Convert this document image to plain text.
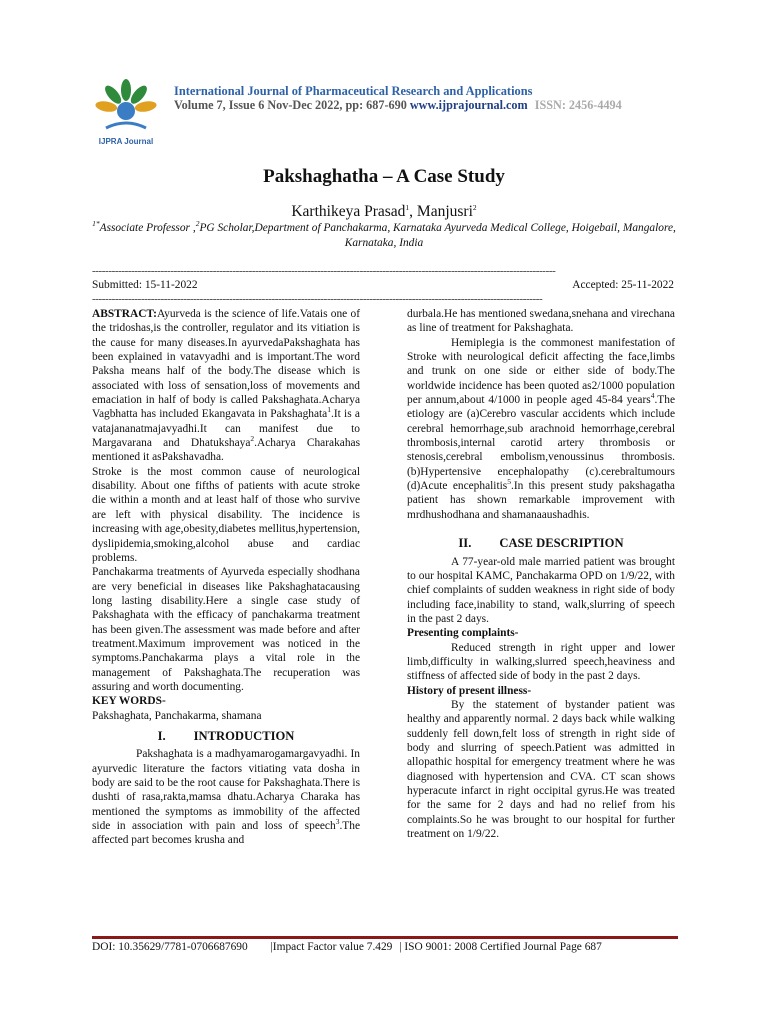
IJPRA Journal
International Journal of Pharmaceutical Research and Applications
Volume 7, Issue 6 Nov-Dec 2022, pp: 687-690 www.ijprajournal.com ISSN: 2456-4494
Pakshaghatha – A Case Study
Karthikeya Prasad$^1$, Manjusri$^2$
$^{1*}$Associate Professor ,$^2$PG Scholar,Department of Panchakarma, Karnataka Ayurveda Medical College, Hoigebail, Mangalore, Karnataka, India
----------------------------------------------------------------------------------------------------------------------------------------------
Submitted: 15-11-2022	Accepted: 25-11-2022
------------------------------------------------------------------------------------------------------------------------------------------

ABSTRACT:Ayurveda is the science of life.Vatais one of the tridoshas,is the controller, regulator and its vitiation is the cause for many diseases.In ayurvedaPakshaghata has been explained in vatavyadhi and is important.The word Paksha means half of the body.The disease which is associated with loss of sensation,loss of movements and emaciation in half of body is called Pakshaghata.Acharya Vagbhatta has included Ekangavata in Pakshaghata$^1$.It is a vatajananatmajavyadhi.It can manifest due to Margavarana and Dhatukshaya$^2$.Acharya Charakahas mentioned it asPakshavadha.

Stroke is the most common cause of neurological disability. About one fifths of patients with acute stroke die within a month and at least half of those who survive are left with physical disability. The incidence is increasing with age,obesity,diabetes mellitus,hypertension, dyslipidemia,smoking,alcohol abuse and cardiac problems.

Panchakarma treatments of Ayurveda especially shodhana are very beneficial in diseases like Pakshaghatacausing long lasting disability.Here a single case study of Pakshaghata with the efficacy of panchakarma treatment has been given.The assessment was made before and after treatment.Maximum improvement was noticed in the symptoms.Panchakarma plays a vital role in the management of Pakshaghata.The recuperation was assuring and worth documenting.

KEY WORDS-

Pakshaghata, Panchakarma, shamana

I. INTRODUCTION

Pakshaghata is a madhyamarogamargavyadhi. In ayurvedic literature the factors vitiating vata dosha in body are said to be the root cause for Pakshaghata.There is dushti of rasa,rakta,mamsa dhatu.Acharya Charaka has mentioned the symptoms as immobility of the affected side in association with pain and loss of speech$^3$.The affected part becomes krusha and

durbala.He has mentioned swedana,snehana and virechana as line of treatment for Pakshaghata.

Hemiplegia is the commonest manifestation of Stroke with neurological deficit affecting the face,limbs and trunk on one side or either side of body.The worldwide incidence has been quoted as2/1000 population per annum,about 4/1000 in people aged 45-84 years$^4$.The etiology are (a)Cerebro vascular accidents which include cerebral hemorrhage,sub arachnoid hemorrhage,cerebral thrombosis,internal carotid artery thrombosis or stenosis,cerebral embolism,venoussinus thrombosis. (b)Hypertensive encephalopathy (c).cerebraltumours (d)Acute encephalitis$^5$.In this present study pakshagatha patient has shown remarkable improvement with mrdhushodhana and shamanaaushadhis.

II. CASE DESCRIPTION

A 77-year-old male married patient was brought to our hospital KAMC, Panchakarma OPD on 1/9/22, with chief complaints of sudden weakness in right side of body including face,inability to stand, walk,slurring of speech in the past 2 days.

Presenting complaints-

Reduced strength in right upper and lower limb,difficulty in walking,slurred speech,heaviness and stiffness of affected side of body in the past 2 days.

History of present illness-

By the statement of bystander patient was healthy and apparently normal. 2 days back while walking suddenly fell down,felt loss of strength in right side of body and slurring of speech.Patient was admitted in allopathic hospital for emergency treatment where he was diagnosed with hypertension and CVA. CT scan shows hyperacute infarct in right occipital gyrus.He was treated for the same for 2 days and had no relief from his complaints.So he was brought to our hospital for further treatment on 1/9/22.

DOI: 10.35629/7781-0706687690 |Impact Factor value 7.429 | ISO 9001: 2008 Certified Journal Page 687
